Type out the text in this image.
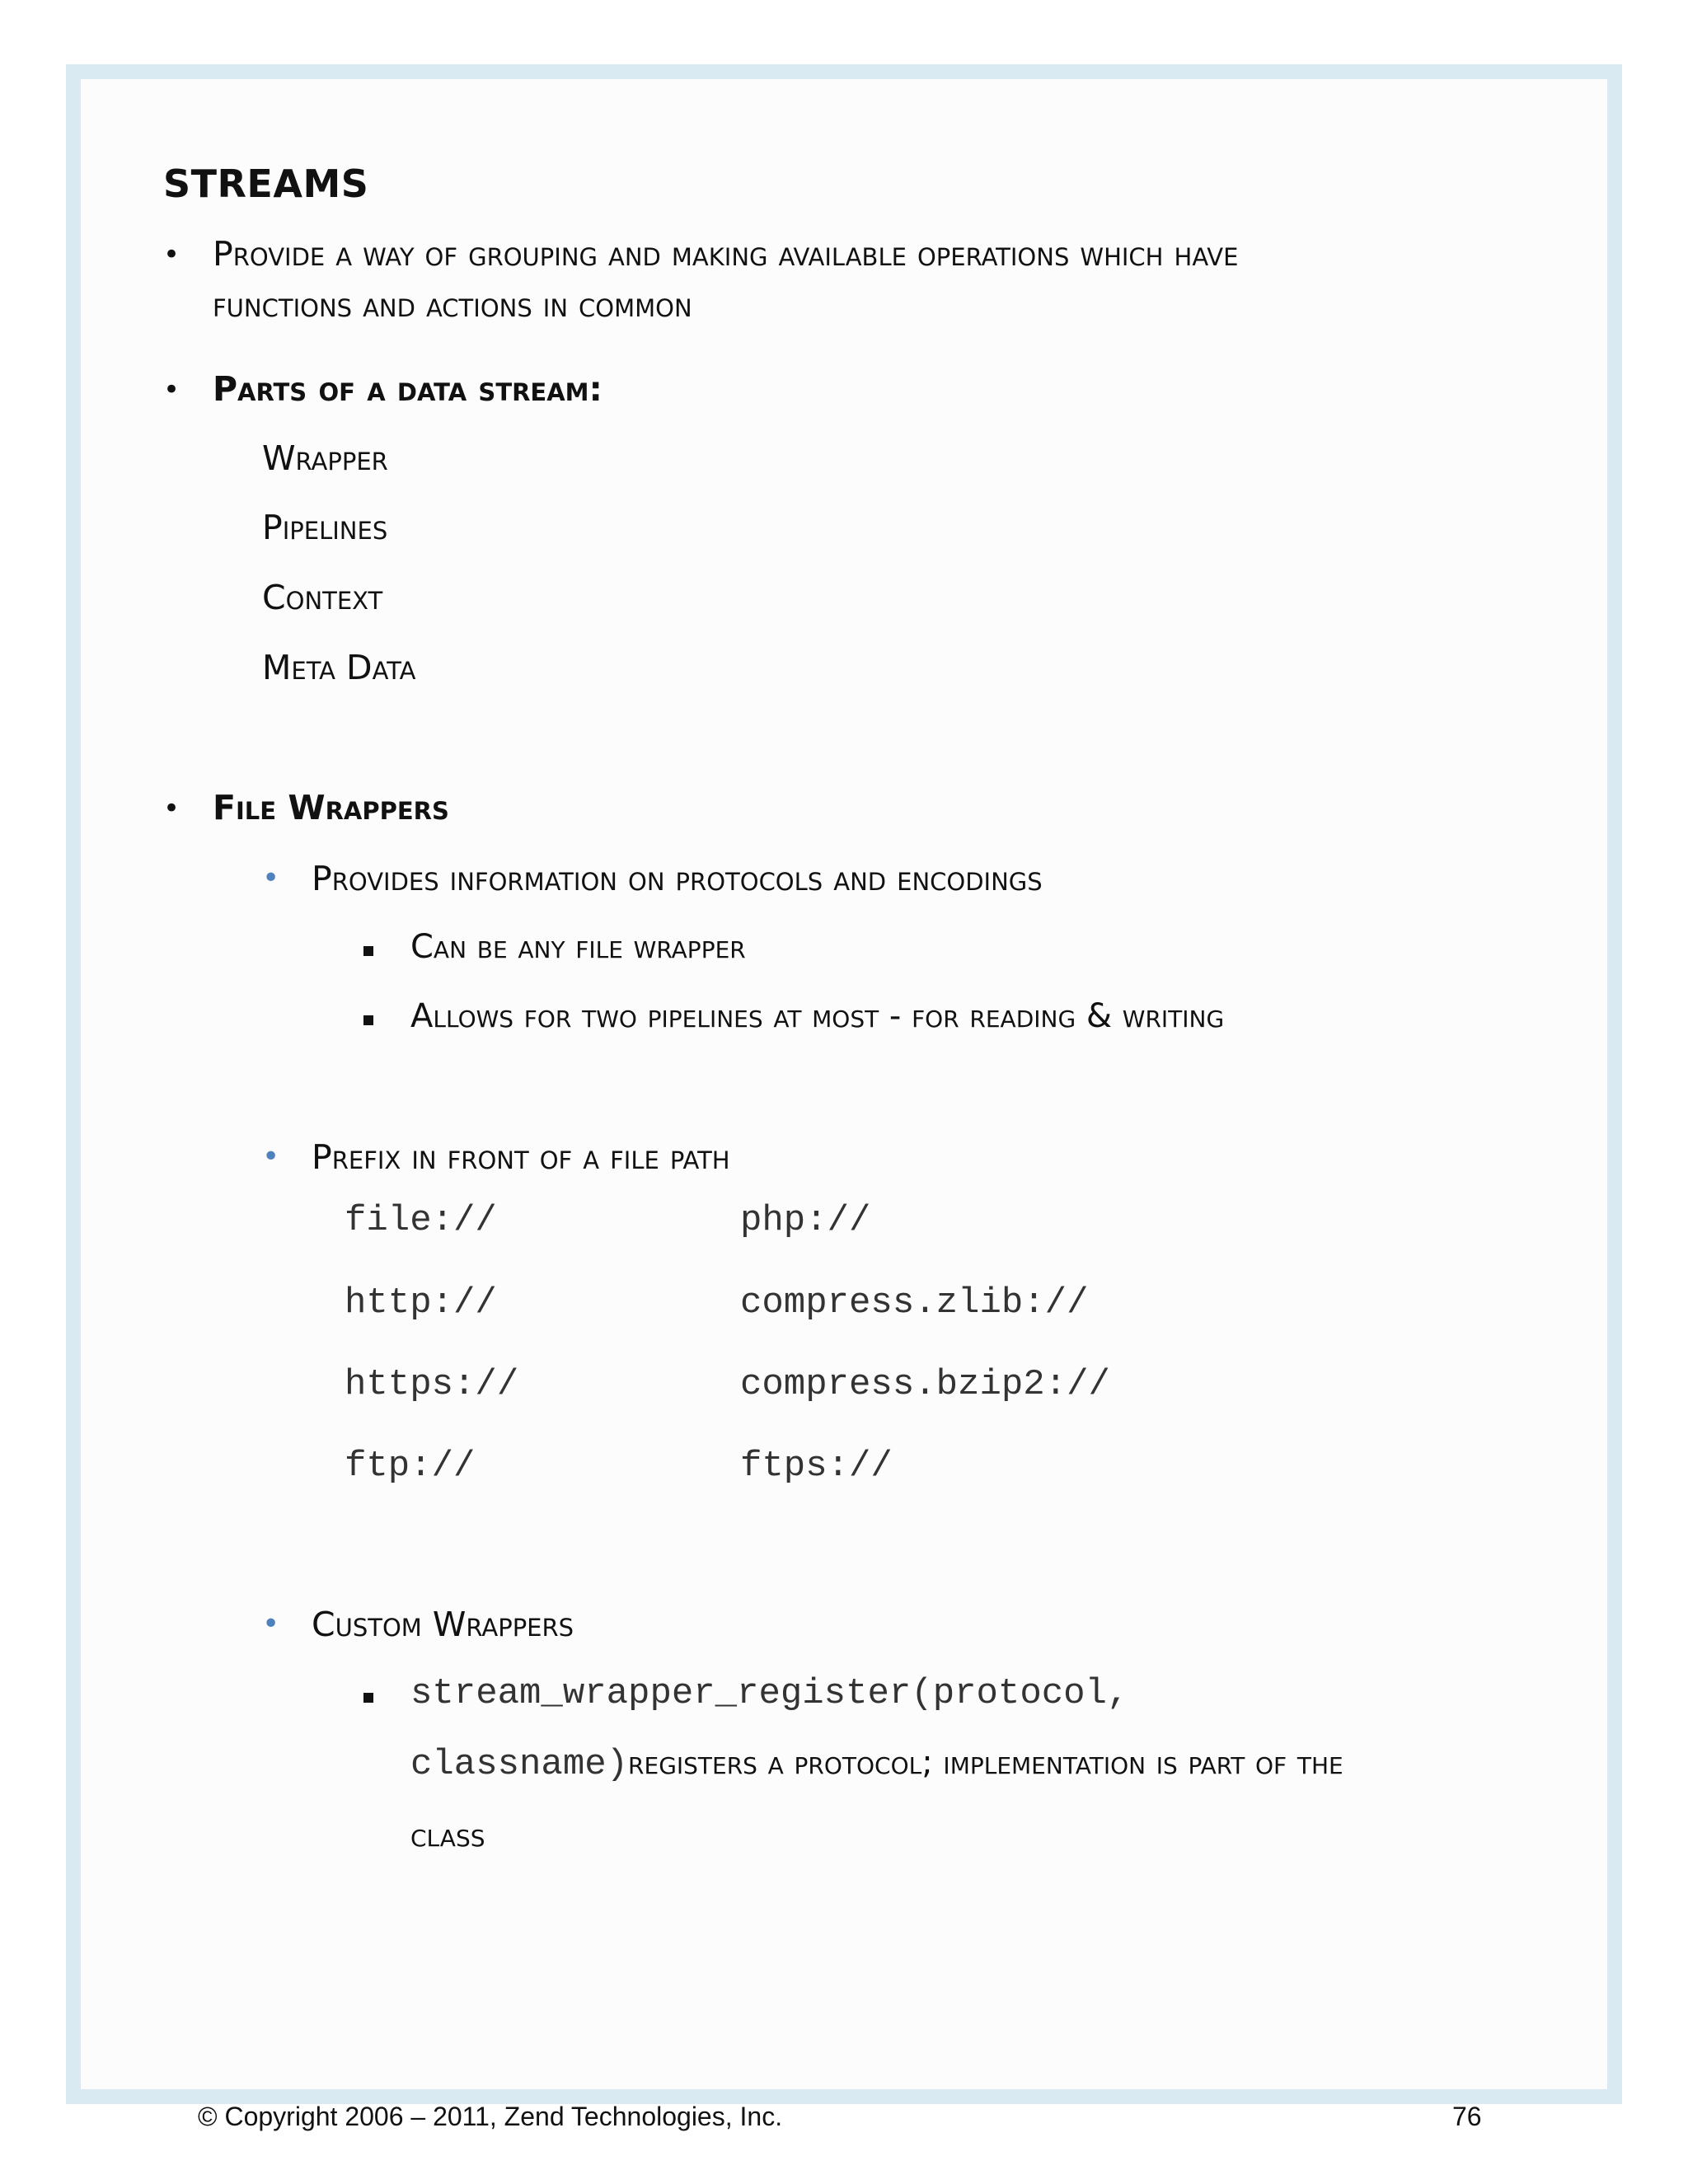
STREAMS
• Provide a way of grouping and making available operations which have
functions and actions in common
• Parts of a data stream:
Wrapper
Pipelines
Context
Meta Data
• File Wrappers
• Provides information on protocols and encodings
Can be any file wrapper
Allows for two pipelines at most - for reading & writing
• Prefix in front of a file path
file://	php://
http://	compress.zlib://
https://	compress.bzip2://
ftp://	ftps://
• Custom Wrappers
stream_wrapper_register(protocol,
classname)registers a protocol; implementation is part of the
class
© Copyright 2006 – 2011, Zend Technologies, Inc.	76
